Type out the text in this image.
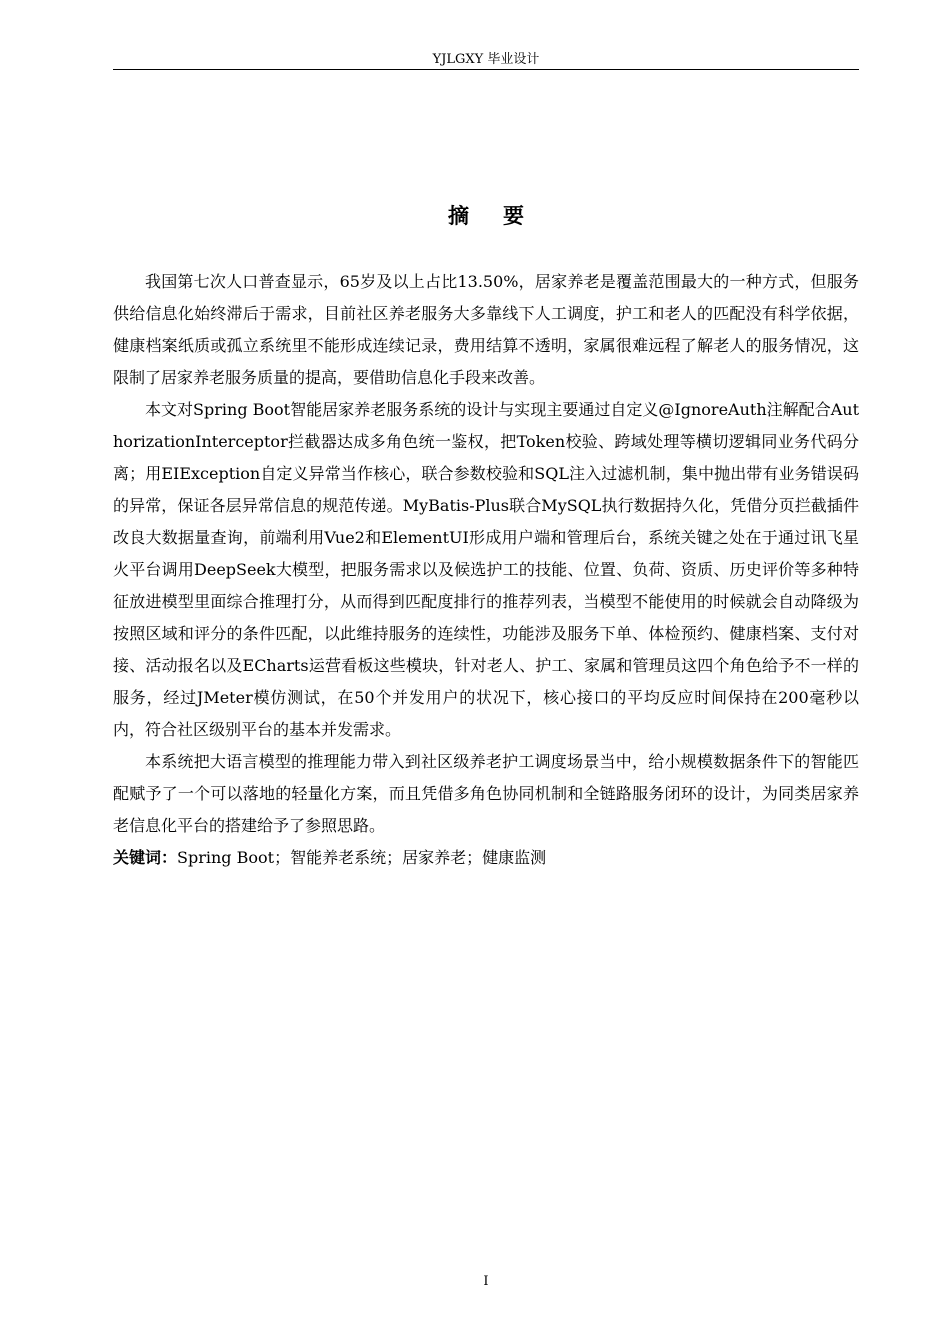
YJLGXY 毕业设计
摘要

我国第七次人口普查显示，65岁及以上占比13.50%，居家养老是覆盖范围最大的一种方式，但服务供给信息化始终滞后于需求，目前社区养老服务大多靠线下人工调度，护工和老人的匹配没有科学依据，健康档案纸质或孤立系统里不能形成连续记录，费用结算不透明，家属很难远程了解老人的服务情况，这限制了居家养老服务质量的提高，要借助信息化手段来改善。

本文对Spring Boot智能居家养老服务系统的设计与实现主要通过自定义@IgnoreAuth注解配合AuthorizationInterceptor拦截器达成多角色统一鉴权，把Token校验、跨域处理等横切逻辑同业务代码分离；用EIException自定义异常当作核心，联合参数校验和SQL注入过滤机制，集中抛出带有业务错误码的异常，保证各层异常信息的规范传递。MyBatis-Plus联合MySQL执行数据持久化，凭借分页拦截插件改良大数据量查询，前端利用Vue2和ElementUI形成用户端和管理后台，系统关键之处在于通过讯飞星火平台调用DeepSeek大模型，把服务需求以及候选护工的技能、位置、负荷、资质、历史评价等多种特征放进模型里面综合推理打分，从而得到匹配度排行的推荐列表，当模型不能使用的时候就会自动降级为按照区域和评分的条件匹配，以此维持服务的连续性，功能涉及服务下单、体检预约、健康档案、支付对接、活动报名以及ECharts运营看板这些模块，针对老人、护工、家属和管理员这四个角色给予不一样的服务，经过JMeter模仿测试，在50个并发用户的状况下，核心接口的平均反应时间保持在200毫秒以内，符合社区级别平台的基本并发需求。

本系统把大语言模型的推理能力带入到社区级养老护工调度场景当中，给小规模数据条件下的智能匹配赋予了一个可以落地的轻量化方案，而且凭借多角色协同机制和全链路服务闭环的设计，为同类居家养老信息化平台的搭建给予了参照思路。

关键词：Spring Boot；智能养老系统；居家养老；健康监测
I
